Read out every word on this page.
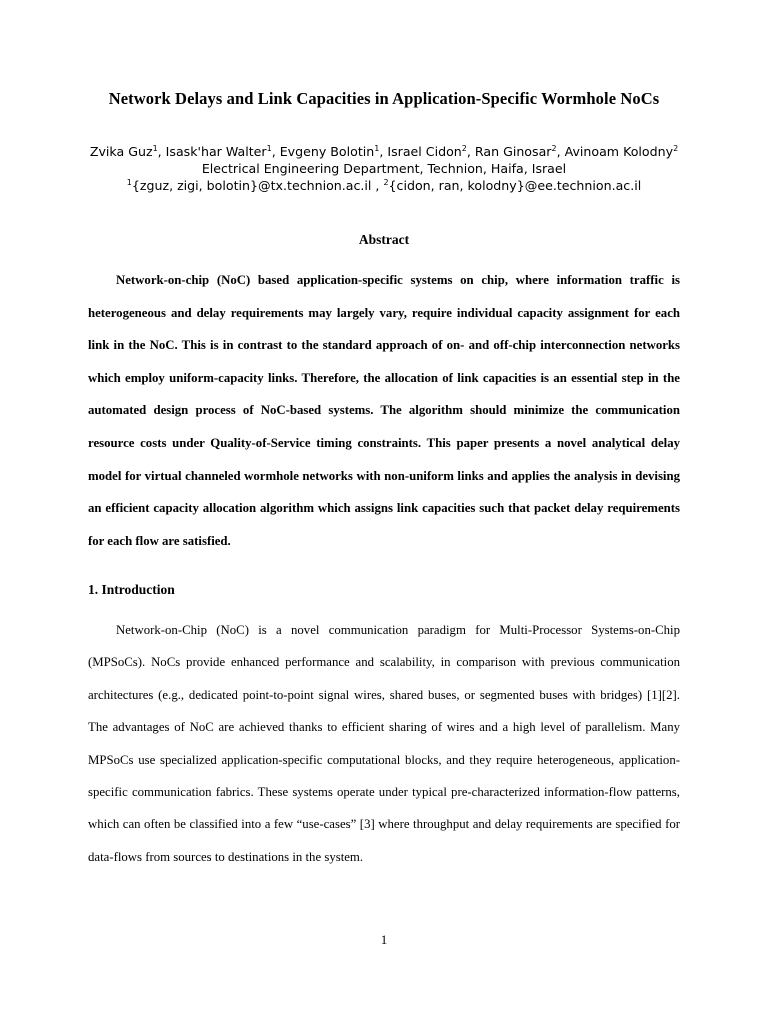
Network Delays and Link Capacities in Application-Specific Wormhole NoCs
Zvika Guz$^1$, Isask'har Walter$^1$, Evgeny Bolotin$^1$, Israel Cidon$^2$, Ran Ginosar$^2$, Avinoam Kolodny$^2$
Electrical Engineering Department, Technion, Haifa, Israel
$^1${zguz, zigi, bolotin}@tx.technion.ac.il , $^2${cidon, ran, kolodny}@ee.technion.ac.il
Abstract

Network-on-chip (NoC) based application-specific systems on chip, where information traffic is heterogeneous and delay requirements may largely vary, require individual capacity assignment for each link in the NoC. This is in contrast to the standard approach of on- and off-chip interconnection networks which employ uniform-capacity links. Therefore, the allocation of link capacities is an essential step in the automated design process of NoC-based systems. The algorithm should minimize the communication resource costs under Quality-of-Service timing constraints. This paper presents a novel analytical delay model for virtual channeled wormhole networks with non-uniform links and applies the analysis in devising an efficient capacity allocation algorithm which assigns link capacities such that packet delay requirements for each flow are satisfied.

1. Introduction

Network-on-Chip (NoC) is a novel communication paradigm for Multi-Processor Systems-on-Chip (MPSoCs). NoCs provide enhanced performance and scalability, in comparison with previous communication architectures (e.g., dedicated point-to-point signal wires, shared buses, or segmented buses with bridges) [1][2]. The advantages of NoC are achieved thanks to efficient sharing of wires and a high level of parallelism. Many MPSoCs use specialized application-specific computational blocks, and they require heterogeneous, application-specific communication fabrics. These systems operate under typical pre-characterized information-flow patterns, which can often be classified into a few “use-cases” [3] where throughput and delay requirements are specified for data-flows from sources to destinations in the system.

1
